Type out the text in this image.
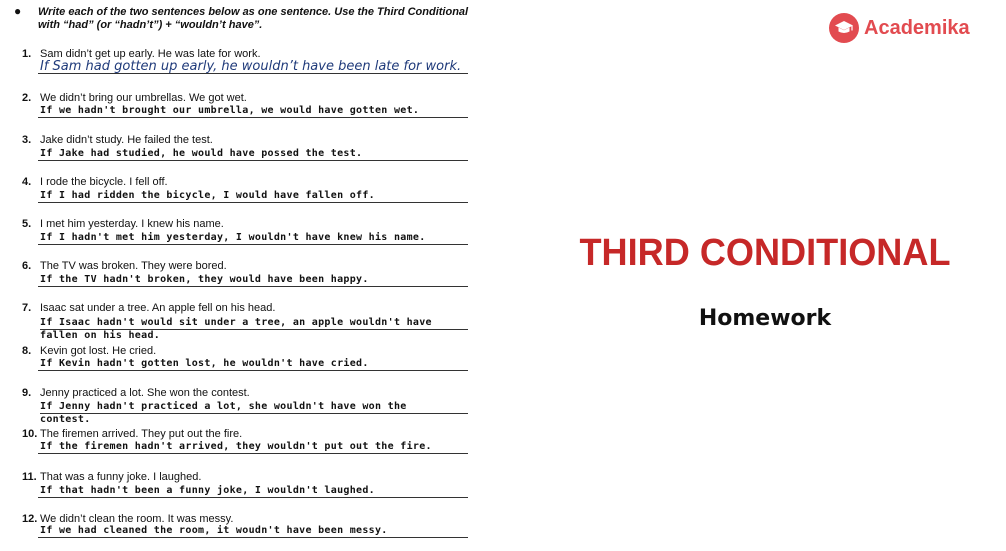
● Write each of the two sentences below as one sentence. Use the Third Conditional with “had” (or “hadn’t”) + “wouldn’t have”.
1. Sam didn’t get up early. He was late for work.
If Sam had gotten up early, he wouldn’t have been late for work.
2. We didn’t bring our umbrellas. We got wet.
If we hadn't brought our umbrella, we would have gotten wet.
3. Jake didn’t study. He failed the test.
If Jake had studied, he would have possed the test.
4. I rode the bicycle. I fell off.
If I had ridden the bicycle, I would have fallen off.
5. I met him yesterday. I knew his name.
If I hadn't met him yesterday, I wouldn't have knew his name.
6. The TV was broken. They were bored.
If the TV hadn't broken, they would have been happy.
7. Isaac sat under a tree. An apple fell on his head.
If Isaac hadn't would sit under a tree, an apple wouldn't have
fallen on his head.
8. Kevin got lost. He cried.
If Kevin hadn't gotten lost, he wouldn't have cried.
9. Jenny practiced a lot. She won the contest.
If Jenny hadn't practiced a lot, she wouldn't have won the
contest.
10. The firemen arrived. They put out the fire.
If the firemen hadn't arrived, they wouldn't put out the fire.
11. That was a funny joke. I laughed.
If that hadn't been a funny joke, I wouldn't laughed.
12. We didn’t clean the room. It was messy.
If we had cleaned the room, it woudn't have been messy.
Academika
THIRD CONDITIONAL
Homework
